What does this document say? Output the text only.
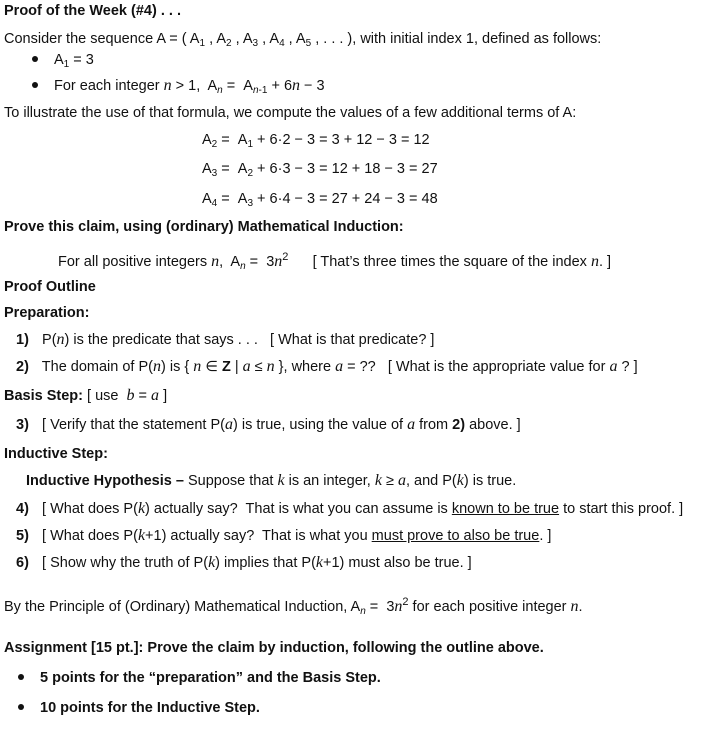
Proof of the Week (#4) . . .
Consider the sequence A = ( $A_1$ , $A_2$ , $A_3$ , $A_4$ , $A_5$ , . . . ), with initial index 1, defined as follows:
$A_1 = 3$
For each integer n > 1,  $A_n = A_{n-1} + 6n - 3$
To illustrate the use of that formula, we compute the values of a few additional terms of A:
$A_2 = A_1 + 6\cdot 2 - 3 = 3 + 12 - 3 = 12$
$A_3 = A_2 + 6\cdot 3 - 3 = 12 + 18 - 3 = 27$
$A_4 = A_3 + 6\cdot 4 - 3 = 27 + 24 - 3 = 48$
Prove this claim, using (ordinary) Mathematical Induction:
For all positive integers n,  $A_n = 3n^2$      [ That’s three times the square of the index n. ]
Proof Outline
Preparation:
1) P(n) is the predicate that says . . .   [ What is that predicate? ]
2) The domain of P(n) is { n ∈ Z | a ≤ n }, where a = ??   [ What is the appropriate value for a ? ]
Basis Step: [ use  b = a ]
3) [ Verify that the statement P(a) is true, using the value of a from 2) above. ]
Inductive Step:
Inductive Hypothesis – Suppose that k is an integer, k ≥ a, and P(k) is true.
4) [ What does P(k) actually say?  That is what you can assume is known to be true to start this proof. ]
5) [ What does P(k+1) actually say?  That is what you must prove to also be true. ]
6) [ Show why the truth of P(k) implies that P(k+1) must also be true. ]
By the Principle of (Ordinary) Mathematical Induction, $A_n = 3n^2$ for each positive integer n.
Assignment [15 pt.]: Prove the claim by induction, following the outline above.
5 points for the “preparation” and the Basis Step.
10 points for the Inductive Step.
